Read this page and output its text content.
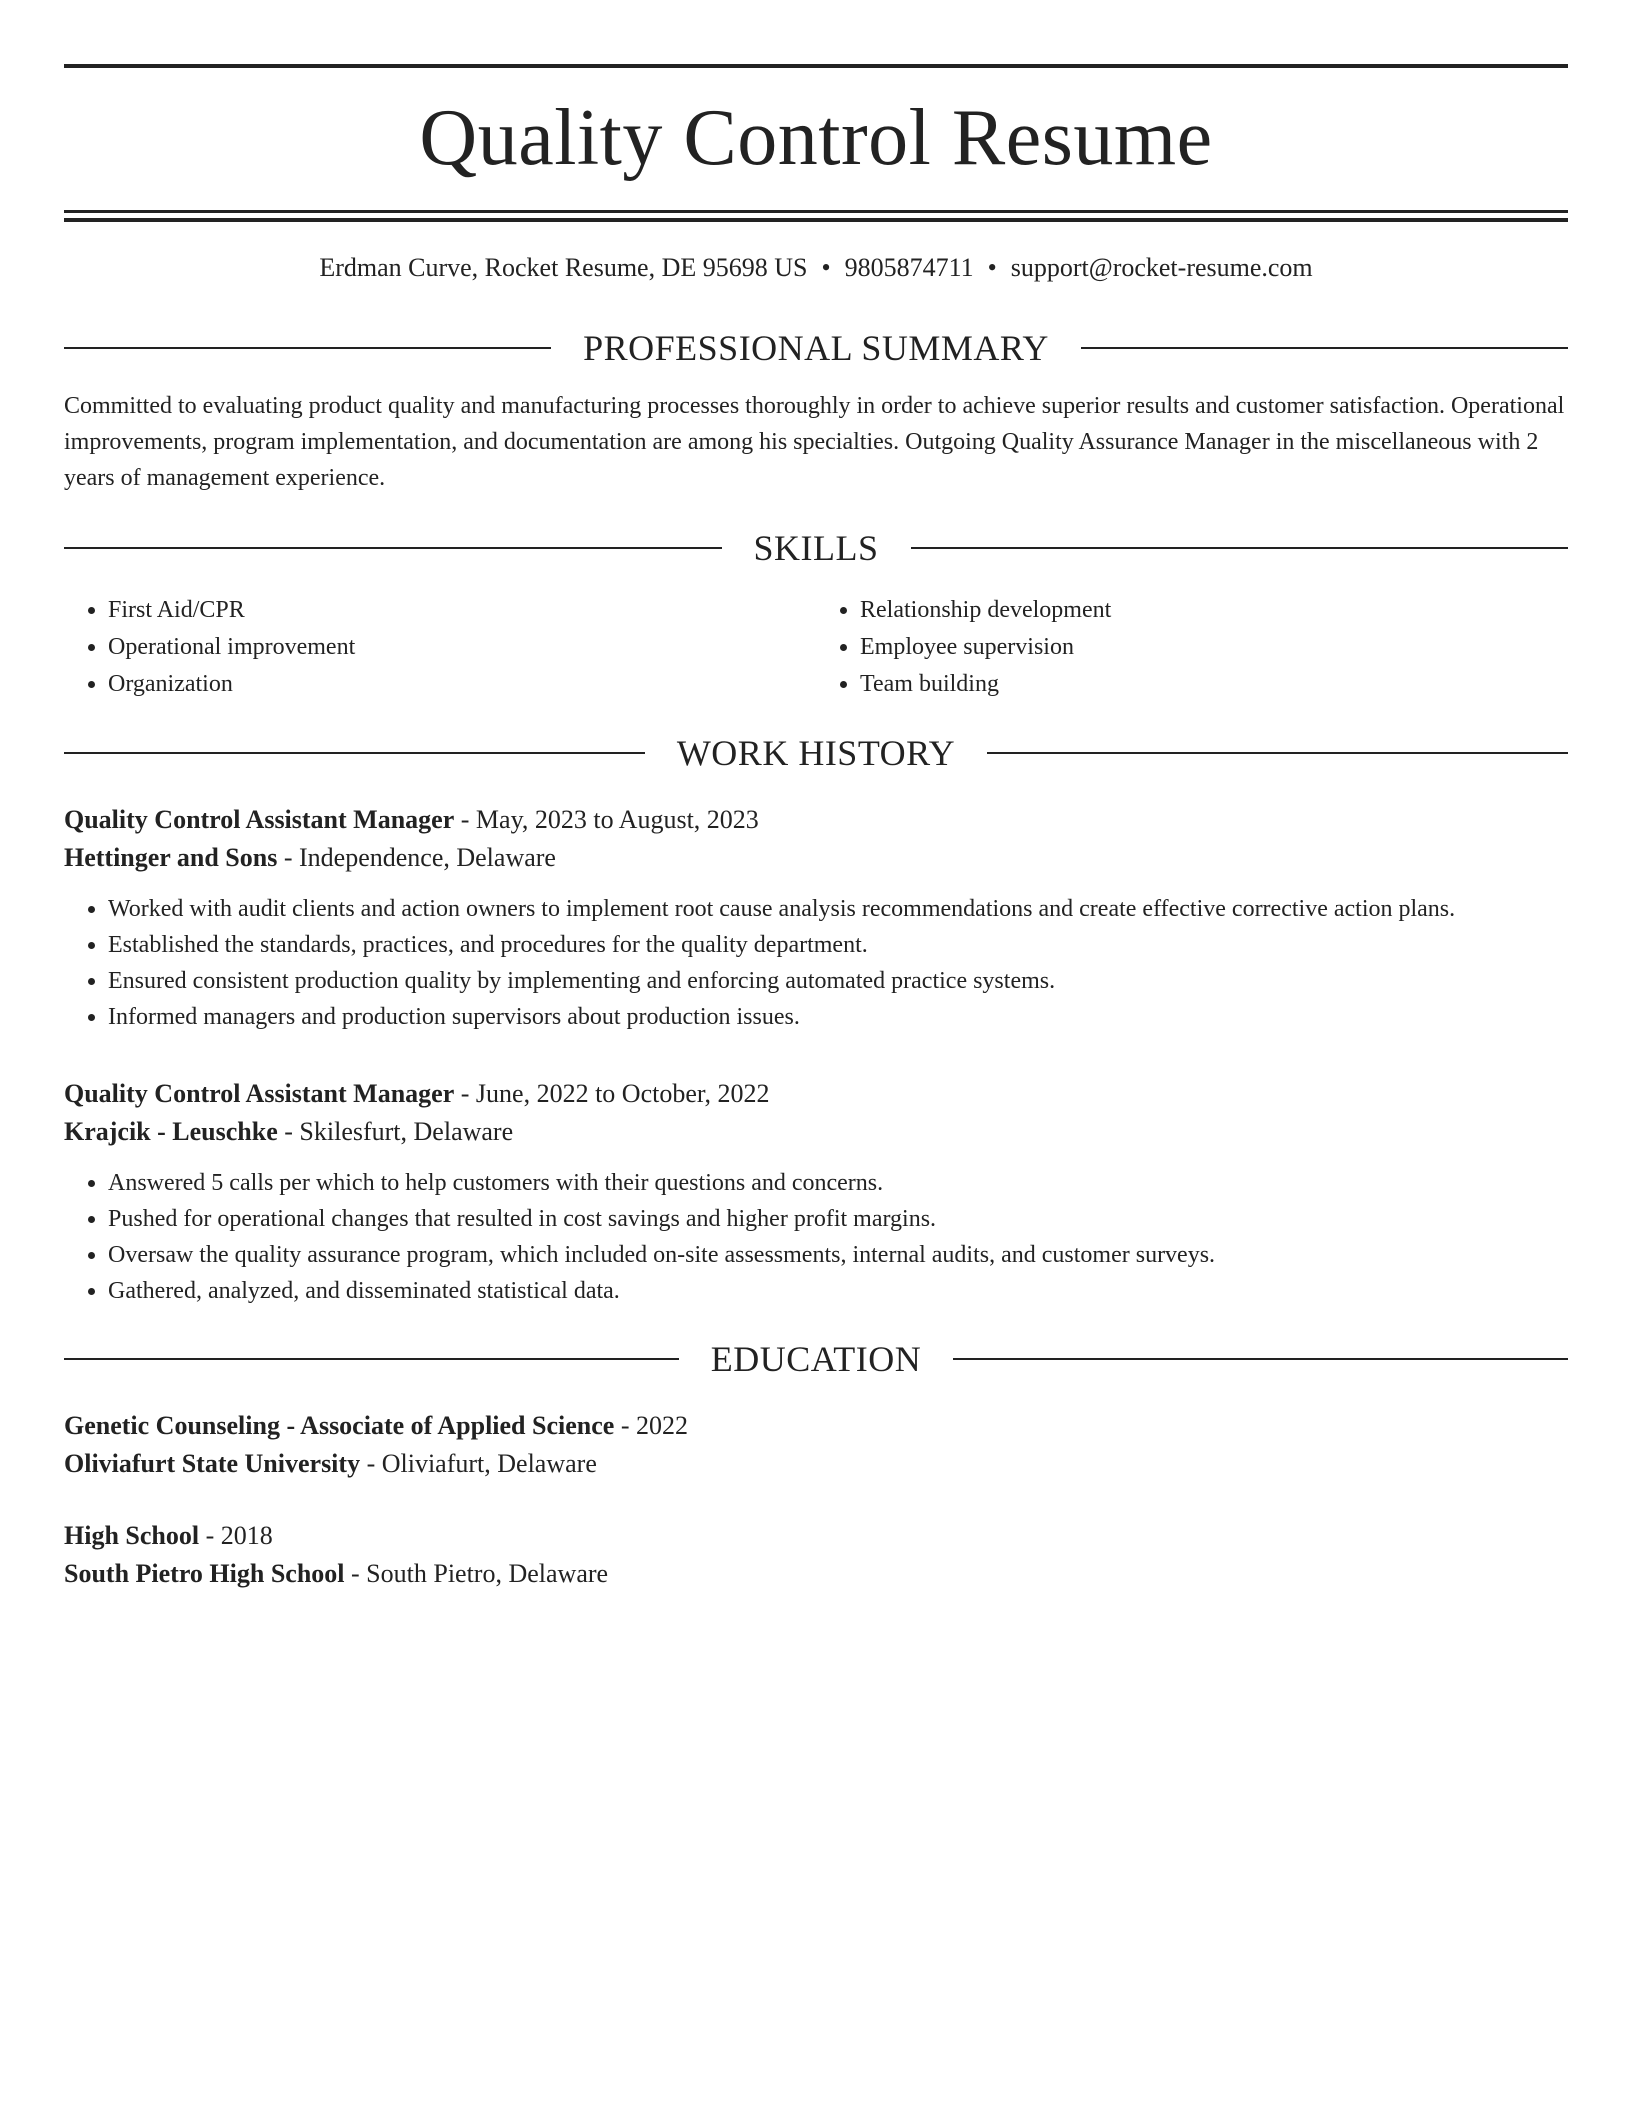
Quality Control Resume
Erdman Curve, Rocket Resume, DE 95698 US • 9805874711 • support@rocket-resume.com
PROFESSIONAL SUMMARY
Committed to evaluating product quality and manufacturing processes thoroughly in order to achieve superior results and customer satisfaction. Operational improvements, program implementation, and documentation are among his specialties. Outgoing Quality Assurance Manager in the miscellaneous with 2 years of management experience.
SKILLS
• First Aid/CPR
• Operational improvement
• Organization
• Relationship development
• Employee supervision
• Team building
WORK HISTORY
Quality Control Assistant Manager - May, 2023 to August, 2023
Hettinger and Sons - Independence, Delaware
• Worked with audit clients and action owners to implement root cause analysis recommendations and create effective corrective action plans.
• Established the standards, practices, and procedures for the quality department.
• Ensured consistent production quality by implementing and enforcing automated practice systems.
• Informed managers and production supervisors about production issues.
Quality Control Assistant Manager - June, 2022 to October, 2022
Krajcik - Leuschke - Skilesfurt, Delaware
• Answered 5 calls per which to help customers with their questions and concerns.
• Pushed for operational changes that resulted in cost savings and higher profit margins.
• Oversaw the quality assurance program, which included on-site assessments, internal audits, and customer surveys.
• Gathered, analyzed, and disseminated statistical data.
EDUCATION
Genetic Counseling - Associate of Applied Science - 2022
Oliviafurt State University - Oliviafurt, Delaware
High School - 2018
South Pietro High School - South Pietro, Delaware
